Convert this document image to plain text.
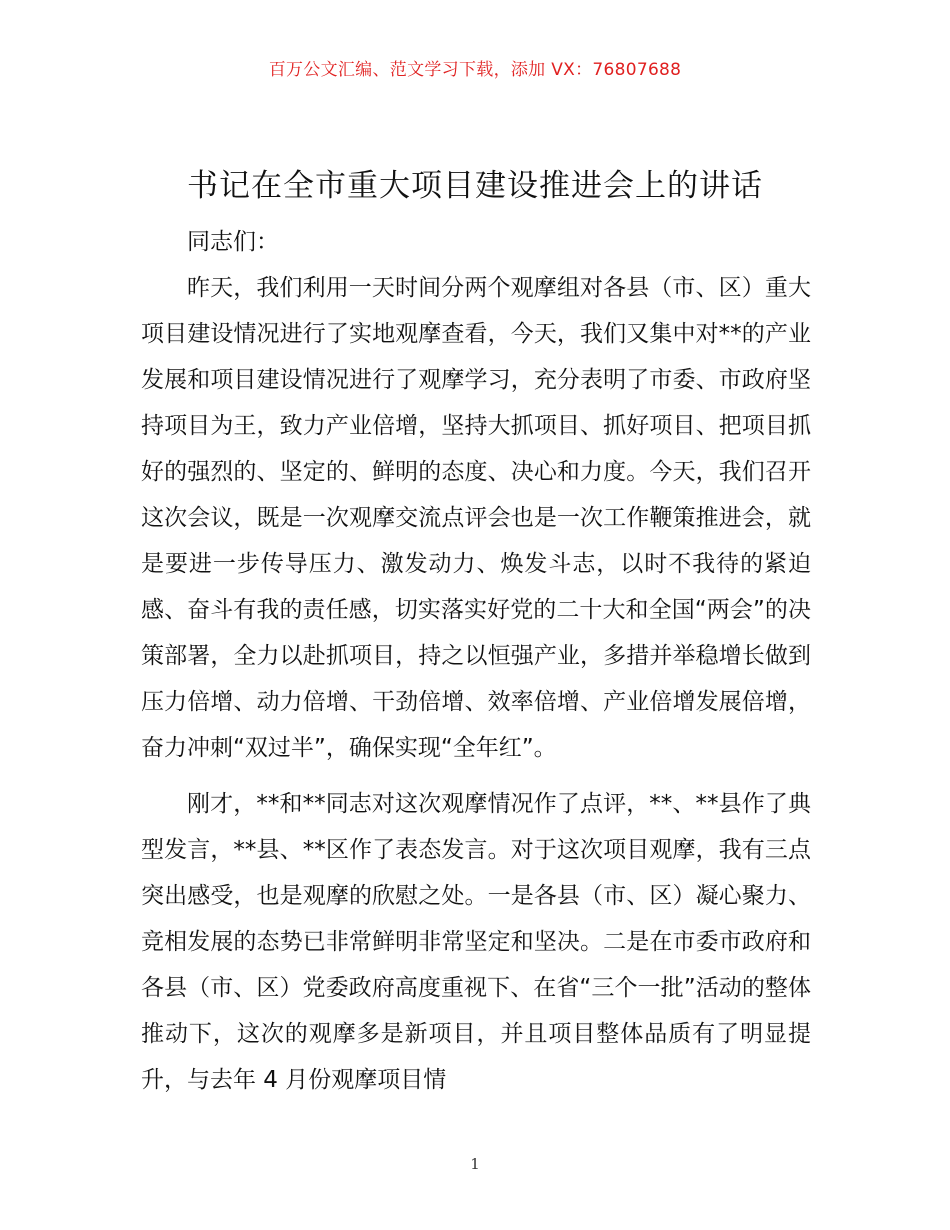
百万公文汇编、范文学习下载，添加 VX：76807688
书记在全市重大项目建设推进会上的讲话

同志们：

昨天，我们利用一天时间分两个观摩组对各县（市、区）重大项目建设情况进行了实地观摩查看，今天，我们又集中对**的产业发展和项目建设情况进行了观摩学习，充分表明了市委、市政府坚持项目为王，致力产业倍增，坚持大抓项目、抓好项目、把项目抓好的强烈的、坚定的、鲜明的态度、决心和力度。今天，我们召开这次会议，既是一次观摩交流点评会也是一次工作鞭策推进会，就是要进一步传导压力、激发动力、焕发斗志，以时不我待的紧迫感、奋斗有我的责任感，切实落实好党的二十大和全国“两会”的决策部署，全力以赴抓项目，持之以恒强产业，多措并举稳增长做到压力倍增、动力倍增、干劲倍增、效率倍增、产业倍增发展倍增，奋力冲刺“双过半”，确保实现“全年红”。

刚才，**和**同志对这次观摩情况作了点评，**、**县作了典型发言，**县、**区作了表态发言。对于这次项目观摩，我有三点突出感受，也是观摩的欣慰之处。一是各县（市、区）凝心聚力、竞相发展的态势已非常鲜明非常坚定和坚决。二是在市委市政府和各县（市、区）党委政府高度重视下、在省“三个一批”活动的整体推动下，这次的观摩多是新项目，并且项目整体品质有了明显提升，与去年 4 月份观摩项目情

1
